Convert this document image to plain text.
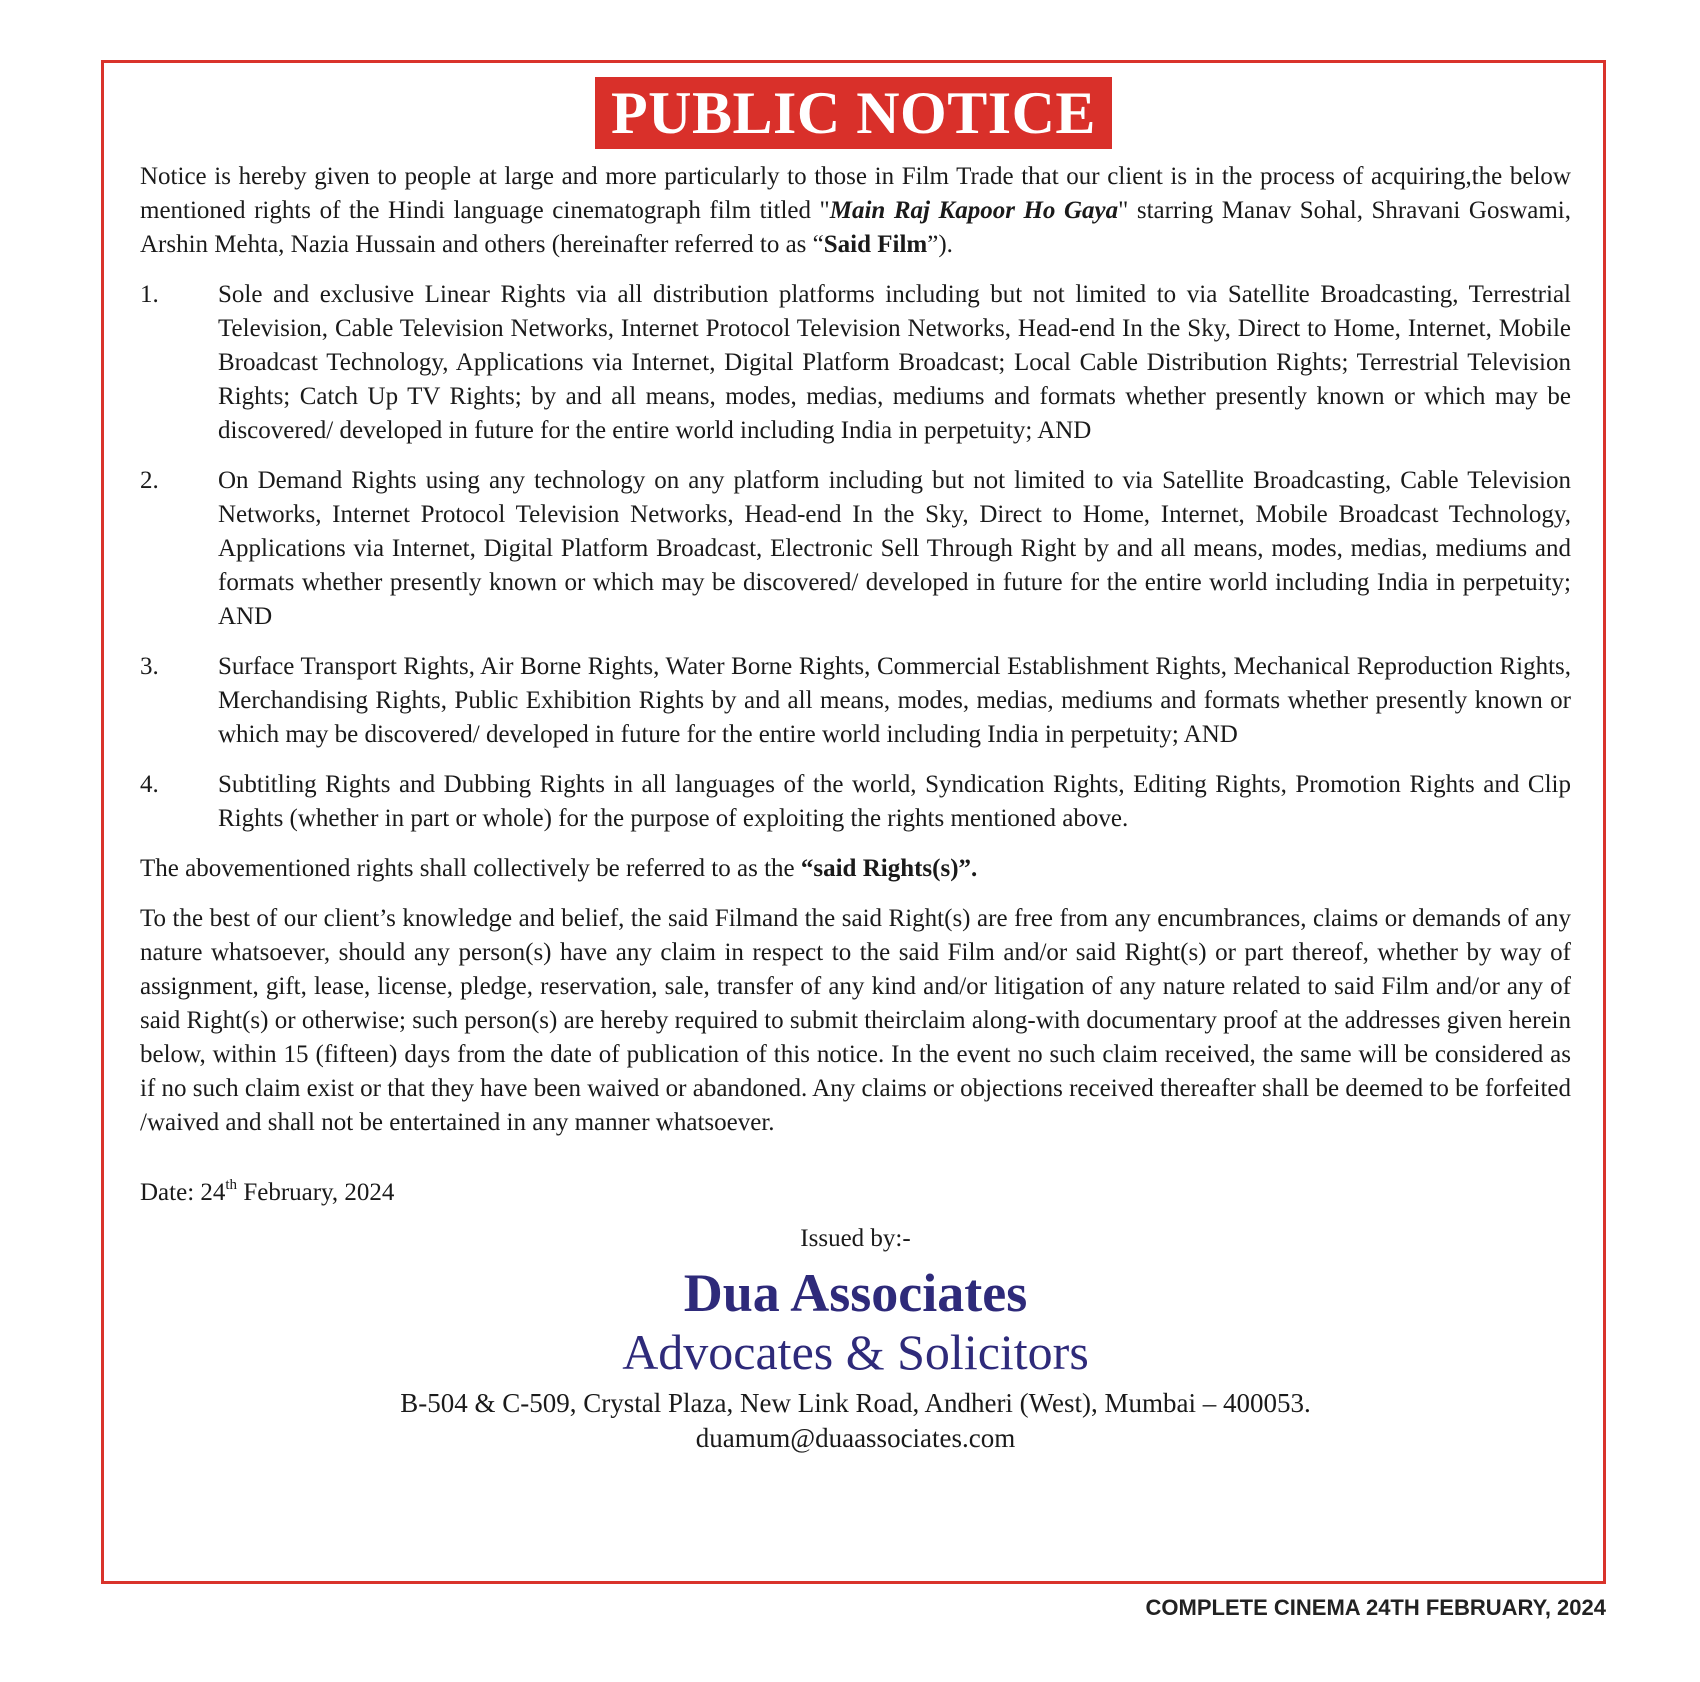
PUBLIC NOTICE

Notice is hereby given to people at large and more particularly to those in Film Trade that our client is in the process of acquiring,the below mentioned rights of the Hindi language cinematograph film titled "Main Raj Kapoor Ho Gaya" starring Manav Sohal, Shravani Goswami, Arshin Mehta, Nazia Hussain and others (hereinafter referred to as “Said Film”).

1. Sole and exclusive Linear Rights via all distribution platforms including but not limited to via Satellite Broadcasting, Terrestrial Television, Cable Television Networks, Internet Protocol Television Networks, Head-end In the Sky, Direct to Home, Internet, Mobile Broadcast Technology, Applications via Internet, Digital Platform Broadcast; Local Cable Distribution Rights; Terrestrial Television Rights; Catch Up TV Rights; by and all means, modes, medias, mediums and formats whether presently known or which may be discovered/ developed in future for the entire world including India in perpetuity; AND
2. On Demand Rights using any technology on any platform including but not limited to via Satellite Broadcasting, Cable Television Networks, Internet Protocol Television Networks, Head-end In the Sky, Direct to Home, Internet, Mobile Broadcast Technology, Applications via Internet, Digital Platform Broadcast, Electronic Sell Through Right by and all means, modes, medias, mediums and formats whether presently known or which may be discovered/ developed in future for the entire world including India in perpetuity; AND
3. Surface Transport Rights, Air Borne Rights, Water Borne Rights, Commercial Establishment Rights, Mechanical Reproduction Rights, Merchandising Rights, Public Exhibition Rights by and all means, modes, medias, mediums and formats whether presently known or which may be discovered/ developed in future for the entire world including India in perpetuity; AND
4. Subtitling Rights and Dubbing Rights in all languages of the world, Syndication Rights, Editing Rights, Promotion Rights and Clip Rights (whether in part or whole) for the purpose of exploiting the rights mentioned above.

The abovementioned rights shall collectively be referred to as the “said Rights(s)”.

To the best of our client’s knowledge and belief, the said Filmand the said Right(s) are free from any encumbrances, claims or demands of any nature whatsoever, should any person(s) have any claim in respect to the said Film and/or said Right(s) or part thereof, whether by way of assignment, gift, lease, license, pledge, reservation, sale, transfer of any kind and/or litigation of any nature related to said Film and/or any of said Right(s) or otherwise; such person(s) are hereby required to submit theirclaim along-with documentary proof at the addresses given herein below, within 15 (fifteen) days from the date of publication of this notice. In the event no such claim received, the same will be considered as if no such claim exist or that they have been waived or abandoned. Any claims or objections received thereafter shall be deemed to be forfeited /waived and shall not be entertained in any manner whatsoever.

Date: 24th February, 2024

Issued by:-
Dua Associates
Advocates & Solicitors
B-504 & C-509, Crystal Plaza, New Link Road, Andheri (West), Mumbai – 400053.
duamum@duaassociates.com
COMPLETE CINEMA 24TH FEBRUARY, 2024
